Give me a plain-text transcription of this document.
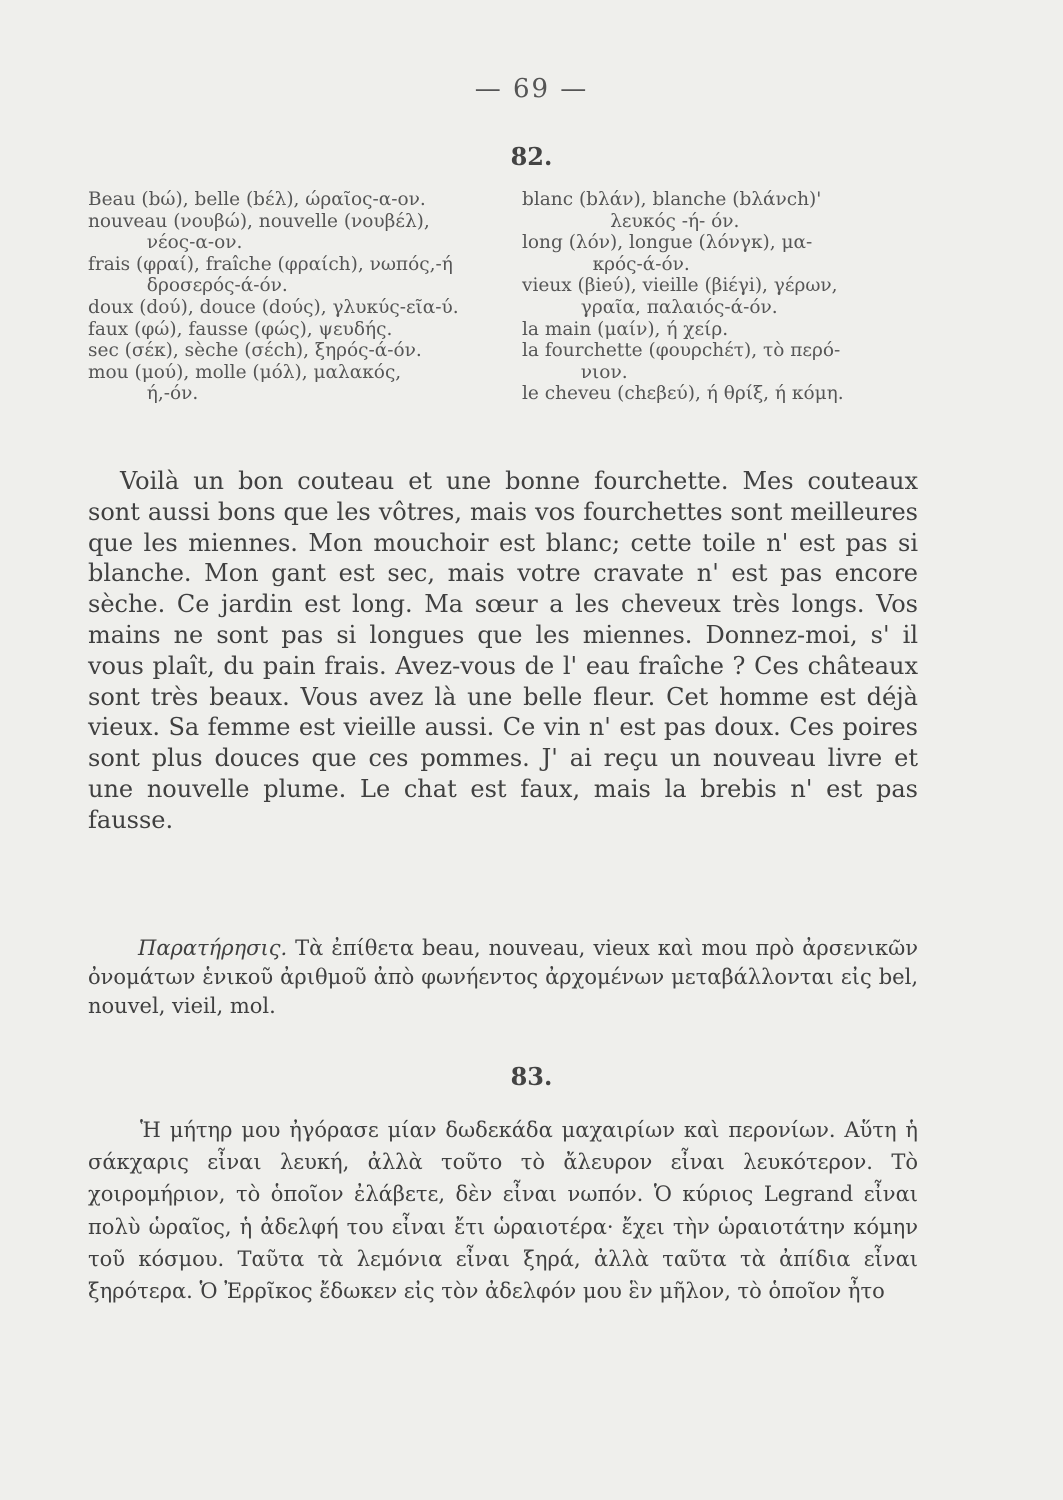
— 69 —
82.
Beau (bώ), belle (bέλ), ώραῖος-α-ον.	blanc (bλάν), blanche (bλάνch)'
nouveau (νουβώ), nouvelle (νουβέλ),	λευκός -ή- όν.
νέος-α-ον.	long (λόν), longue (λόνγκ), μα-
frais (φραί), fraîche (φραίch), νωπός,-ή	κρός-ά-όν.
δροσερός-ά-όν.	vieux (βieύ), vieille (βiέγi), γέρων,
doux (doύ), douce (doύς), γλυκύς-εῖα-ύ.	γραῖα, παλαιός-ά-όν.
faux (φώ), fausse (φώς), ψευδής.	la main (μαίν), ή χείρ.
sec (σέκ), sèche (σέch), ξηρός-ά-όν.	la fourchette (φουρchέτ), τὸ περό-
mou (μού), molle (μόλ), μαλακός,	νιον.
ή,-όν.	le cheveu (chεβεύ), ή θρίξ, ή κόμη.

Voilà un bon couteau et une bonne fourchette. Mes couteaux sont aussi bons que les vôtres, mais vos fourchettes sont meilleures que les miennes. Mon mouchoir est blanc; cette toile n' est pas si blanche. Mon gant est sec, mais votre cravate n' est pas encore sèche. Ce jardin est long. Ma sœur a les cheveux très longs. Vos mains ne sont pas si longues que les miennes. Donnez-moi, s' il vous plaît, du pain frais. Avez-vous de l' eau fraîche ? Ces châteaux sont très beaux. Vous avez là une belle fleur. Cet homme est déjà vieux. Sa femme est vieille aussi. Ce vin n' est pas doux. Ces poires sont plus douces que ces pommes. J' ai reçu un nouveau livre et une nouvelle plume. Le chat est faux, mais la brebis n' est pas fausse.

Παρατήρησις. Τὰ ἐπίθετα beau, nouveau, vieux καὶ mou πρὸ ἀρσενικῶν ὀνομάτων ἑνικοῦ ἀριθμοῦ ἀπὸ φωνήεντος ἀρχομένων μεταβάλλονται εἰς bel, nouvel, vieil, mol.

83.

Ἡ μήτηρ μου ἠγόρασε μίαν δωδεκάδα μαχαιρίων καὶ περονίων. Αὕτη ἡ σάκχαρις εἶναι λευκή, ἀλλὰ τοῦτο τὸ ἄλευρον εἶναι λευκότερον. Τὸ χοιρομήριον, τὸ ὁποῖον ἐλάβετε, δὲν εἶναι νωπόν. Ὁ κύριος Legrand εἶναι πολὺ ὡραῖος, ἡ ἀδελφή του εἶναι ἔτι ὡραιοτέρα· ἔχει τὴν ὡραιοτάτην κόμην τοῦ κόσμου. Ταῦτα τὰ λεμόνια εἶναι ξηρά, ἀλλὰ ταῦτα τὰ ἀπίδια εἶναι ξηρότερα. Ὁ Ἐρρῖκος ἔδωκεν εἰς τὸν ἀδελφόν μου ἓν μῆλον, τὸ ὁποῖον ἦτο
